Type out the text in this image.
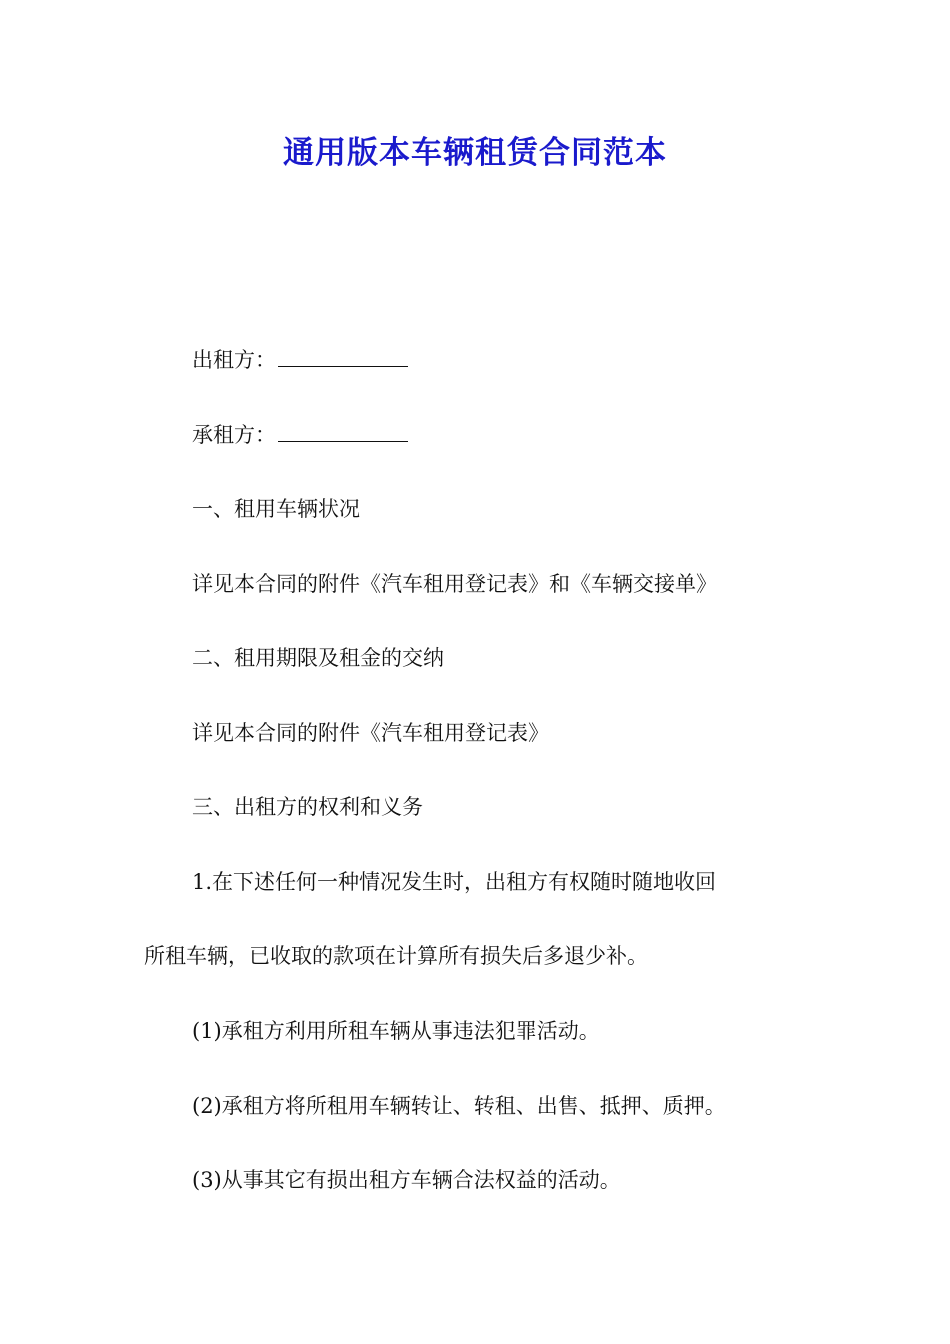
通用版本车辆租赁合同范本
出租方：
承租方：
一、租用车辆状况
详见本合同的附件《汽车租用登记表》和《车辆交接单》
二、租用期限及租金的交纳
详见本合同的附件《汽车租用登记表》
三、出租方的权利和义务
1.在下述任何一种情况发生时，出租方有权随时随地收回
所租车辆，已收取的款项在计算所有损失后多退少补。
(1)承租方利用所租车辆从事违法犯罪活动。
(2)承租方将所租用车辆转让、转租、出售、抵押、质押。
(3)从事其它有损出租方车辆合法权益的活动。
